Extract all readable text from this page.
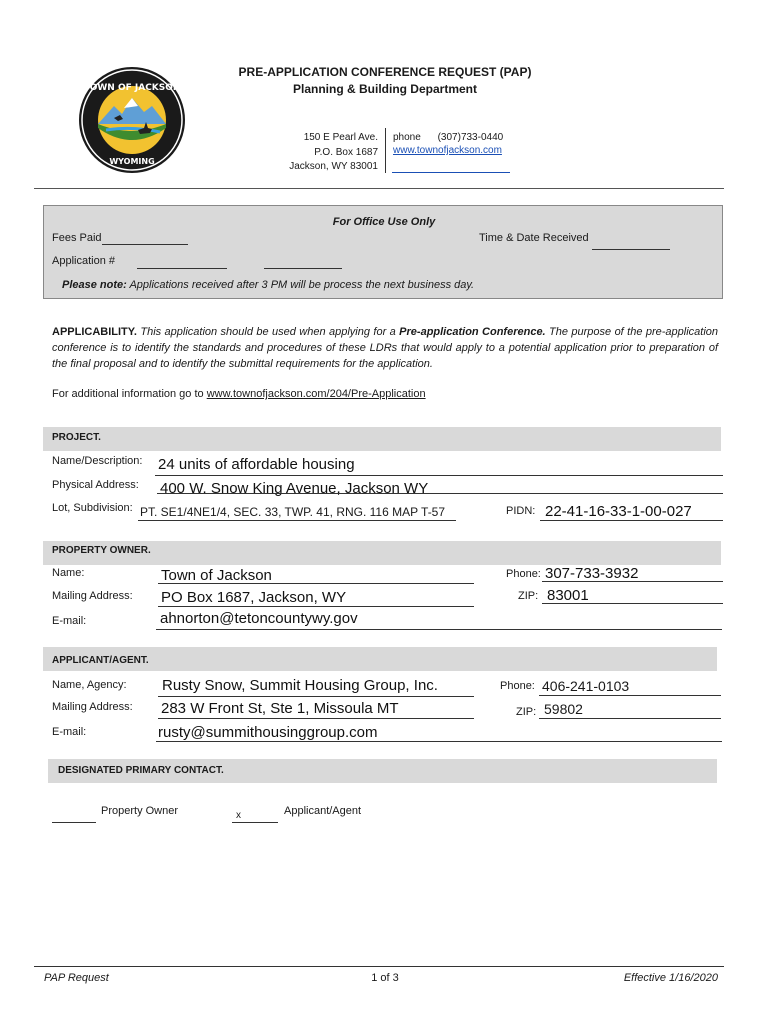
TOWN OF JACKSON
WYOMING
PRE-APPLICATION CONFERENCE REQUEST (PAP)
Planning & Building Department
150 E Pearl Ave.
P.O. Box 1687
Jackson, WY 83001
phone (307)733-0440
www.townofjackson.com
For Office Use Only
Fees Paid	Time & Date Received
Application #
Please note: Applications received after 3 PM will be process the next business day.
APPLICABILITY. This application should be used when applying for a Pre-application Conference. The purpose of the pre-application conference is to identify the standards and procedures of these LDRs that would apply to a potential application prior to preparation of the final proposal and to identify the submittal requirements for the application.
For additional information go to www.townofjackson.com/204/Pre-Application
PROJECT.
Name/Description: 24 units of affordable housing
Physical Address: 400 W. Snow King Avenue, Jackson WY
Lot, Subdivision: PT. SE1/4NE1/4, SEC. 33, TWP. 41, RNG. 116 MAP T-57	PIDN: 22-41-16-33-1-00-027
PROPERTY OWNER.
Name:	Town of Jackson	Phone: 307-733-3932
Mailing Address: PO Box 1687, Jackson, WY	ZIP: 83001
E-mail:	ahnorton@tetoncountywy.gov
APPLICANT/AGENT.
Name, Agency: Rusty Snow, Summit Housing Group, Inc.	Phone: 406-241-0103
Mailing Address: 283 W Front St, Ste 1, Missoula MT	ZIP: 59802
E-mail:	rusty@summithousinggroup.com
DESIGNATED PRIMARY CONTACT.
Property Owner	x	Applicant/Agent
PAP Request	1 of 3	Effective 1/16/2020
